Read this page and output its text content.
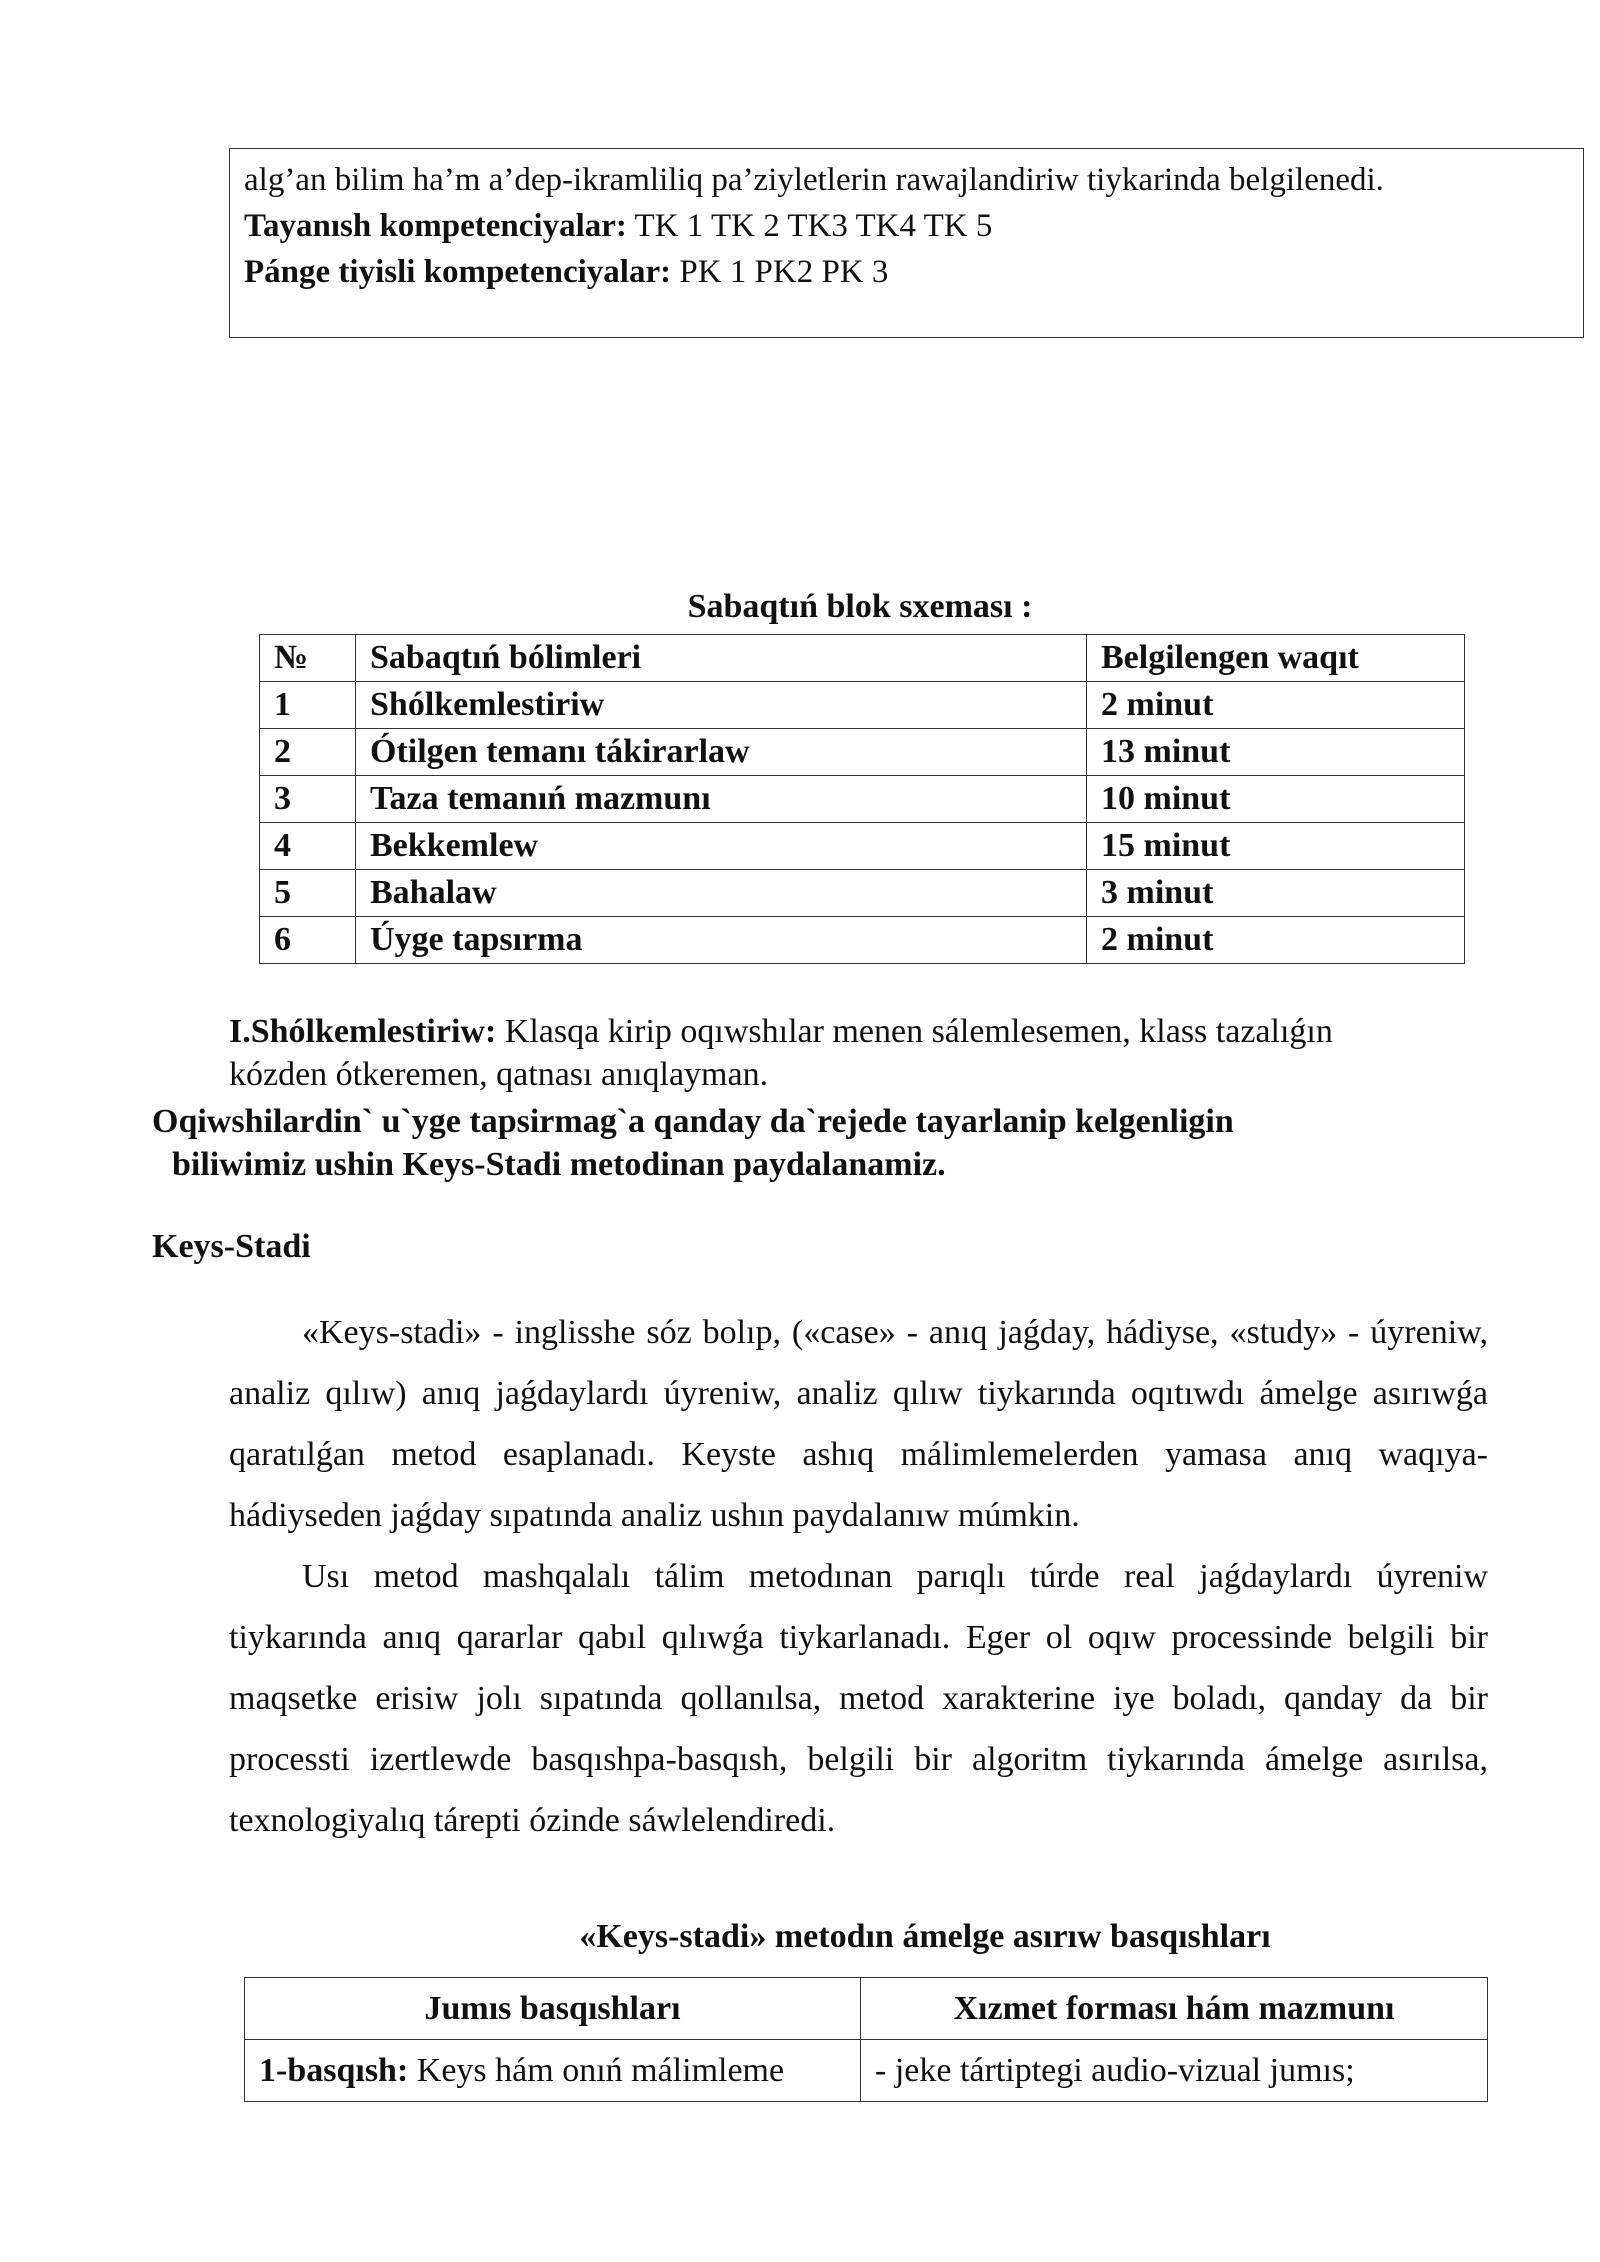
alg’an bilim ha’m a’dep-ikramliliq pa’ziyletlerin rawajlandiriw tiykarinda belgilenedi.

Tayanısh kompetenciyalar: TK 1 TK 2 TK3 TK4 TK 5

Pánge tiyisli kompetenciyalar: PK 1 PK2 PK 3

Sabaqtıń blok sxeması :
№	Sabaqtıń bólimleri	Belgilengen waqıt
1	Shólkemlestiriw	2 minut
2	Ótilgen temanı tákirarlaw	13 minut
3	Taza temanıń mazmunı	10 minut
4	Bekkemlew	15 minut
5	Bahalaw	3 minut
6	Úyge tapsırma	2 minut
I.Shólkemlestiriw: Klasqa kirip oqıwshılar menen sálemlesemen, klass tazalıǵın
kózden ótkeremen, qatnası anıqlayman.
Oqiwshilardin` u`yge tapsirmag`a qanday da`rejede tayarlanip kelgenligin
biliwimiz ushin Keys-Stadi metodinan paydalanamiz.
Keys-Stadi

«Keys-stadi» - inglisshe sóz bolıp, («case» - anıq jaǵday, hádiyse, «study» - úyreniw, analiz qılıw) anıq jaǵdaylardı úyreniw, analiz qılıw tiykarında oqıtıwdı ámelge asırıwǵa qaratılǵan metod esaplanadı. Keyste ashıq málimlemelerden yamasa anıq waqıya-hádiyseden jaǵday sıpatında analiz ushın paydalanıw múmkin.

Usı metod mashqalalı tálim metodınan parıqlı túrde real jaǵdaylardı úyreniw tiykarında anıq qararlar qabıl qılıwǵa tiykarlanadı. Eger ol oqıw processinde belgili bir maqsetke erisiw jolı sıpatında qollanılsa, metod xarakterine iye boladı, qanday da bir processti izertlewde basqıshpa-basqısh, belgili bir algoritm tiykarında ámelge asırılsa, texnologiyalıq tárepti ózinde sáwlelendiredi.

«Keys-stadi» metodın ámelge asırıw basqıshları
Jumıs basqıshları	Xızmet forması hám mazmunı
1-basqısh: Keys hám onıń málimleme	- jeke tártiptegi audio-vizual jumıs;
